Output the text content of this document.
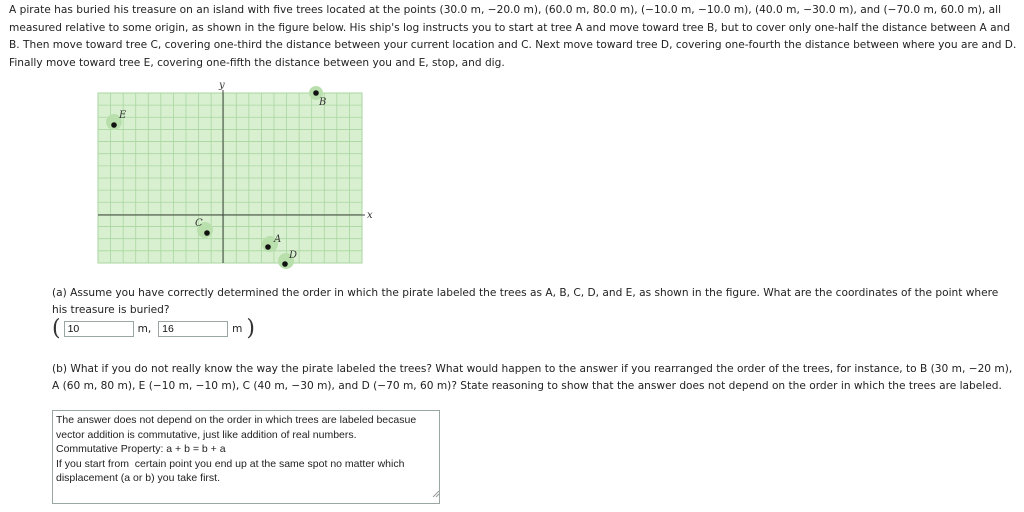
A pirate has buried his treasure on an island with five trees located at the points (30.0 m, −20.0 m), (60.0 m, 80.0 m), (−10.0 m, −10.0 m), (40.0 m, −30.0 m), and (−70.0 m, 60.0 m), all measured relative to some origin, as shown in the figure below. His ship's log instructs you to start at tree A and move toward tree B, but to cover only one-half the distance between A and B. Then move toward tree C, covering one-third the distance between your current location and C. Next move toward tree D, covering one-fourth the distance between where you are and D. Finally move toward tree E, covering one-fifth the distance between you and E, stop, and dig.

x
y
B
E
C
A
D

(a) Assume you have correctly determined the order in which the pirate labeled the trees as A, B, C, D, and E, as shown in the figure. What are the coordinates of the point where his treasure is buried?

(
10	m,
16	m )

(b) What if you do not really know the way the pirate labeled the trees? What would happen to the answer if you rearranged the order of the trees, for instance, to B (30 m, −20 m), A (60 m, 80 m), E (−10 m, −10 m), C (40 m, −30 m), and D (−70 m, 60 m)? State reasoning to show that the answer does not depend on the order in which the trees are labeled.

The answer does not depend on the order in which trees are labeled becasue vector addition is commutative, just like addition of real numbers. Commutative Property: a + b = b + a If you start from certain point you end up at the same spot no matter which displacement (a or b) you take first.
